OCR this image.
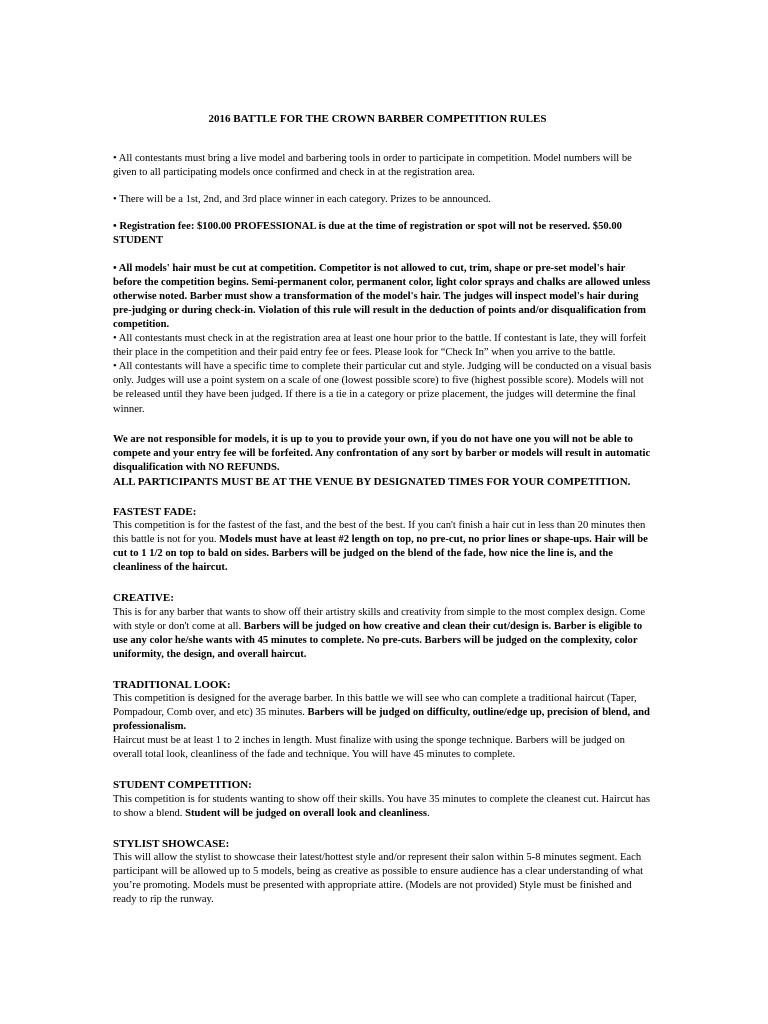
2016 BATTLE FOR THE CROWN BARBER COMPETITION RULES

• All contestants must bring a live model and barbering tools in order to participate in competition. Model numbers will be given to all participating models once confirmed and check in at the registration area.

• There will be a 1st, 2nd, and 3rd place winner in each category. Prizes to be announced.

• Registration fee: $100.00 PROFESSIONAL is due at the time of registration or spot will not be reserved. $50.00 STUDENT

• All models' hair must be cut at competition. Competitor is not allowed to cut, trim, shape or pre-set model's hair before the competition begins. Semi-permanent color, permanent color, light color sprays and chalks are allowed unless otherwise noted. Barber must show a transformation of the model's hair. The judges will inspect model's hair during pre-judging or during check-in. Violation of this rule will result in the deduction of points and/or disqualification from competition.

• All contestants must check in at the registration area at least one hour prior to the battle. If contestant is late, they will forfeit their place in the competition and their paid entry fee or fees. Please look for “Check In” when you arrive to the battle.

• All contestants will have a specific time to complete their particular cut and style. Judging will be conducted on a visual basis only. Judges will use a point system on a scale of one (lowest possible score) to five (highest possible score). Models will not be released until they have been judged. If there is a tie in a category or prize placement, the judges will determine the final winner.

We are not responsible for models, it is up to you to provide your own, if you do not have one you will not be able to compete and your entry fee will be forfeited. Any confrontation of any sort by barber or models will result in automatic disqualification with NO REFUNDS.

ALL PARTICIPANTS MUST BE AT THE VENUE BY DESIGNATED TIMES FOR YOUR COMPETITION.

FASTEST FADE:

This competition is for the fastest of the fast, and the best of the best. If you can't finish a hair cut in less than 20 minutes then this battle is not for you. Models must have at least #2 length on top, no pre-cut, no prior lines or shape-ups. Hair will be cut to 1 1/2 on top to bald on sides. Barbers will be judged on the blend of the fade, how nice the line is, and the cleanliness of the haircut.

CREATIVE:

This is for any barber that wants to show off their artistry skills and creativity from simple to the most complex design. Come with style or don't come at all. Barbers will be judged on how creative and clean their cut/design is. Barber is eligible to use any color he/she wants with 45 minutes to complete. No pre-cuts. Barbers will be judged on the complexity, color uniformity, the design, and overall haircut.

TRADITIONAL LOOK:

This competition is designed for the average barber. In this battle we will see who can complete a traditional haircut (Taper, Pompadour, Comb over, and etc) 35 minutes. Barbers will be judged on difficulty, outline/edge up, precision of blend, and professionalism.

Haircut must be at least 1 to 2 inches in length. Must finalize with using the sponge technique. Barbers will be judged on overall total look, cleanliness of the fade and technique. You will have 45 minutes to complete.

STUDENT COMPETITION:

This competition is for students wanting to show off their skills. You have 35 minutes to complete the cleanest cut. Haircut has to show a blend. Student will be judged on overall look and cleanliness.

STYLIST SHOWCASE:

This will allow the stylist to showcase their latest/hottest style and/or represent their salon within 5-8 minutes segment. Each participant will be allowed up to 5 models, being as creative as possible to ensure audience has a clear understanding of what you’re promoting. Models must be presented with appropriate attire. (Models are not provided) Style must be finished and ready to rip the runway.
